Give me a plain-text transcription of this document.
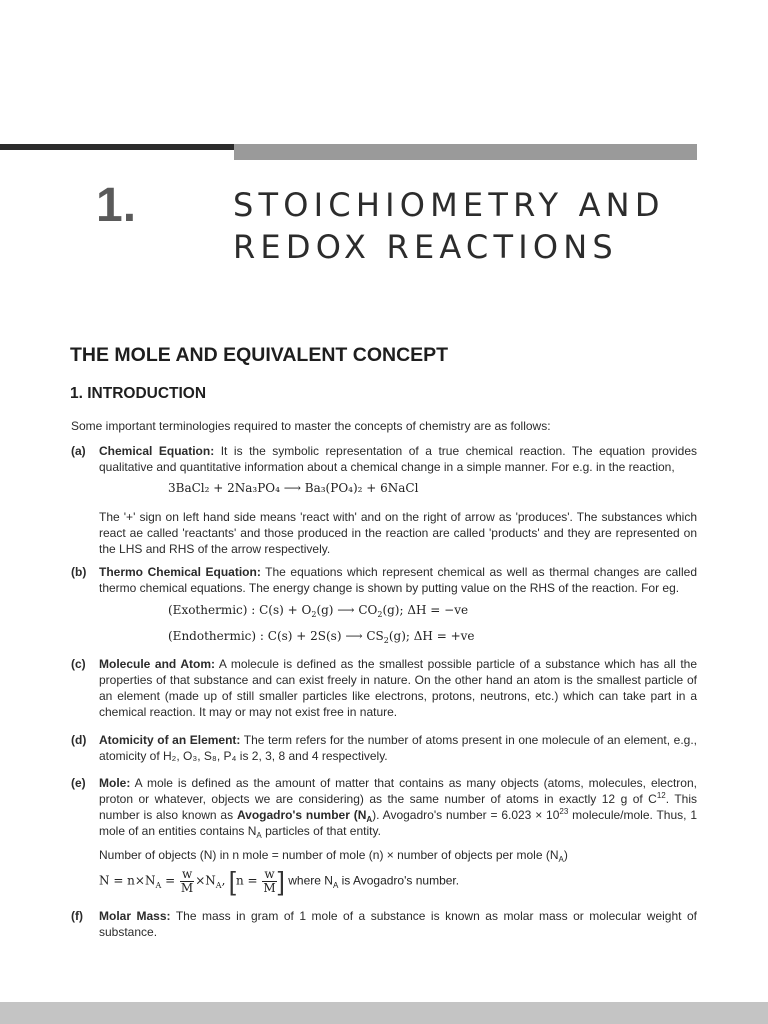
1.	STOICHIOMETRY AND
REDOX REACTIONS
THE MOLE AND EQUIVALENT CONCEPT
1. INTRODUCTION
Some important terminologies required to master the concepts of chemistry are as follows:
(a) Chemical Equation: It is the symbolic representation of a true chemical reaction. The equation provides qualitative and quantitative information about a chemical change in a simple manner. For e.g. in the reaction,
3BaCl₂ + 2Na₃PO₄ ⟶ Ba₃(PO₄)₂ + 6NaCl
The '+' sign on left hand side means 'react with' and on the right of arrow as 'produces'. The substances which react ae called 'reactants' and those produced in the reaction are called 'products' and they are represented on the LHS and RHS of the arrow respectively.
(b) Thermo Chemical Equation: The equations which represent chemical as well as thermal changes are called thermo chemical equations. The energy change is shown by putting value on the RHS of the reaction. For eg.
(Exothermic) : $C(s) + O_2(g)$ ⟶ $CO_2(g)$; ΔH = −ve
(Endothermic) : C(s) + 2S(s) ⟶ $CS_2(g)$; ΔH = +ve
(c) Molecule and Atom: A molecule is defined as the smallest possible particle of a substance which has all the properties of that substance and can exist freely in nature. On the other hand an atom is the smallest particle of an element (made up of still smaller particles like electrons, protons, neutrons, etc.) which can take part in a chemical reaction. It may or may not exist free in nature.
(d) Atomicity of an Element: The term refers for the number of atoms present in one molecule of an element, e.g., atomicity of H₂, O₃, S₈, P₄ is 2, 3, 8 and 4 respectively.
(e) Mole: A mole is defined as the amount of matter that contains as many objects (atoms, molecules, electron, proton or whatever, objects we are considering) as the same number of atoms in exactly 12 g of $C^{12}$. This number is also known as Avogadro's number $(N_A)$. Avogadro's number = $6.023 \times 10^{23}$ molecule/mole. Thus, 1 mole of an entities contains $N_A$ particles of that entity.
Number of objects (N) in n mole = number of mole (n) × number of objects per mole $(N_A)$
$N = n\times N_A = \frac{w}{M} \times N_A$, [$n = \frac{w}{M}$ ] where $N_A$ is Avogadro's number.
(f) Molar Mass: The mass in gram of 1 mole of a substance is known as molar mass or molecular weight of substance.
